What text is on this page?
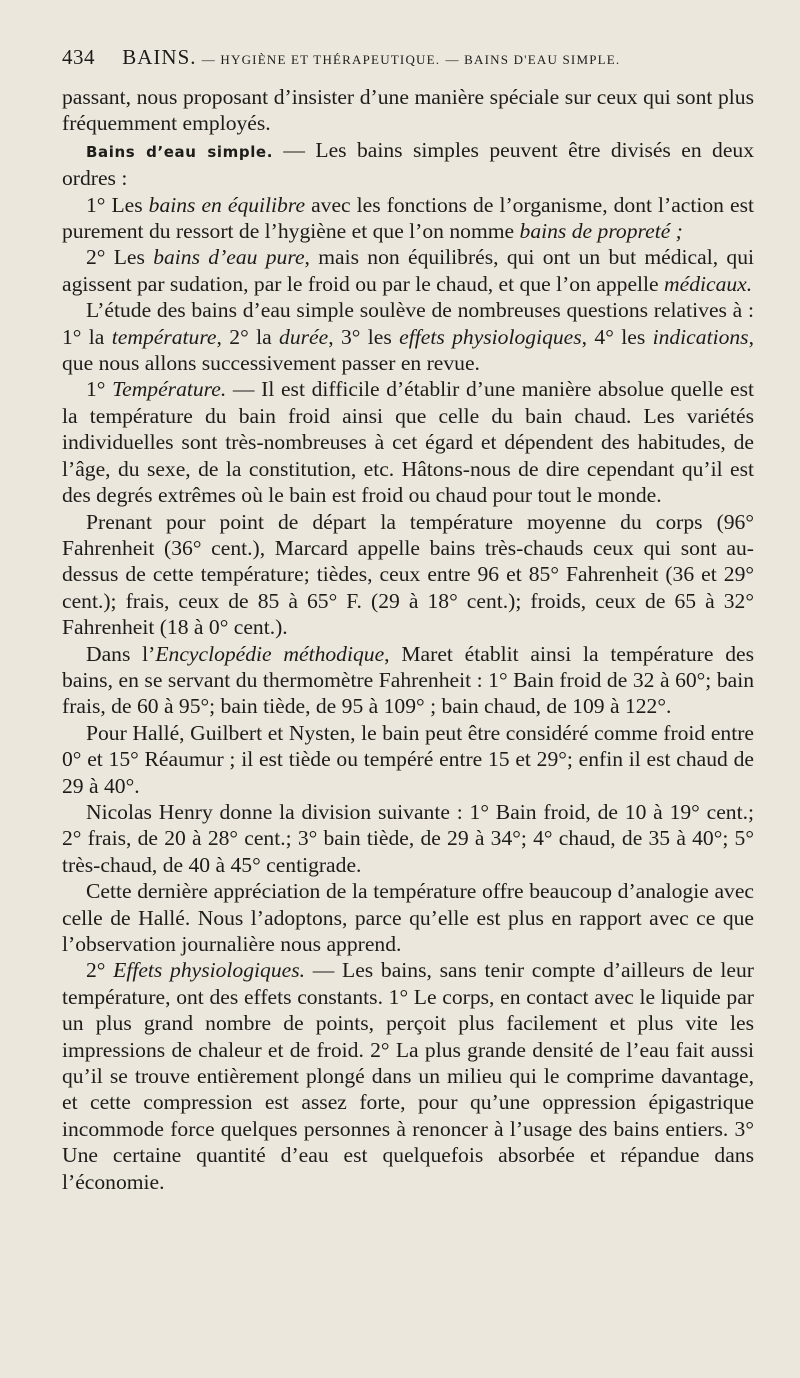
434 BAINS. — HYGIÈNE ET THÉRAPEUTIQUE. — BAINS D'EAU SIMPLE.

passant, nous proposant d’insister d’une manière spéciale sur ceux qui sont plus fréquemment employés.

Bains d’eau simple. — Les bains simples peuvent être divisés en deux ordres :

1° Les bains en équilibre avec les fonctions de l’organisme, dont l’action est purement du ressort de l’hygiène et que l’on nomme bains de propreté ;

2° Les bains d’eau pure, mais non équilibrés, qui ont un but médical, qui agissent par sudation, par le froid ou par le chaud, et que l’on appelle médicaux.

L’étude des bains d’eau simple soulève de nombreuses questions relatives à : 1° la température, 2° la durée, 3° les effets physiologiques, 4° les indications, que nous allons successivement passer en revue.

1° Température. — Il est difficile d’établir d’une manière absolue quelle est la température du bain froid ainsi que celle du bain chaud. Les variétés individuelles sont très-nombreuses à cet égard et dépendent des habitudes, de l’âge, du sexe, de la constitution, etc. Hâtons-nous de dire cependant qu’il est des degrés extrêmes où le bain est froid ou chaud pour tout le monde.

Prenant pour point de départ la température moyenne du corps (96° Fahrenheit (36° cent.), Marcard appelle bains très-chauds ceux qui sont au-dessus de cette température; tièdes, ceux entre 96 et 85° Fahrenheit (36 et 29° cent.); frais, ceux de 85 à 65° F. (29 à 18° cent.); froids, ceux de 65 à 32° Fahrenheit (18 à 0° cent.).

Dans l’Encyclopédie méthodique, Maret établit ainsi la température des bains, en se servant du thermomètre Fahrenheit : 1° Bain froid de 32 à 60°; bain frais, de 60 à 95°; bain tiède, de 95 à 109° ; bain chaud, de 109 à 122°.

Pour Hallé, Guilbert et Nysten, le bain peut être considéré comme froid entre 0° et 15° Réaumur ; il est tiède ou tempéré entre 15 et 29°; enfin il est chaud de 29 à 40°.

Nicolas Henry donne la division suivante : 1° Bain froid, de 10 à 19° cent.; 2° frais, de 20 à 28° cent.; 3° bain tiède, de 29 à 34°; 4° chaud, de 35 à 40°; 5° très-chaud, de 40 à 45° centigrade.

Cette dernière appréciation de la température offre beaucoup d’analogie avec celle de Hallé. Nous l’adoptons, parce qu’elle est plus en rapport avec ce que l’observation journalière nous apprend.

2° Effets physiologiques. — Les bains, sans tenir compte d’ailleurs de leur température, ont des effets constants. 1° Le corps, en contact avec le liquide par un plus grand nombre de points, perçoit plus facilement et plus vite les impressions de chaleur et de froid. 2° La plus grande densité de l’eau fait aussi qu’il se trouve entièrement plongé dans un milieu qui le comprime davantage, et cette compression est assez forte, pour qu’une oppression épigastrique incommode force quelques personnes à renoncer à l’usage des bains entiers. 3° Une certaine quantité d’eau est quelquefois absorbée et répandue dans l’économie.
